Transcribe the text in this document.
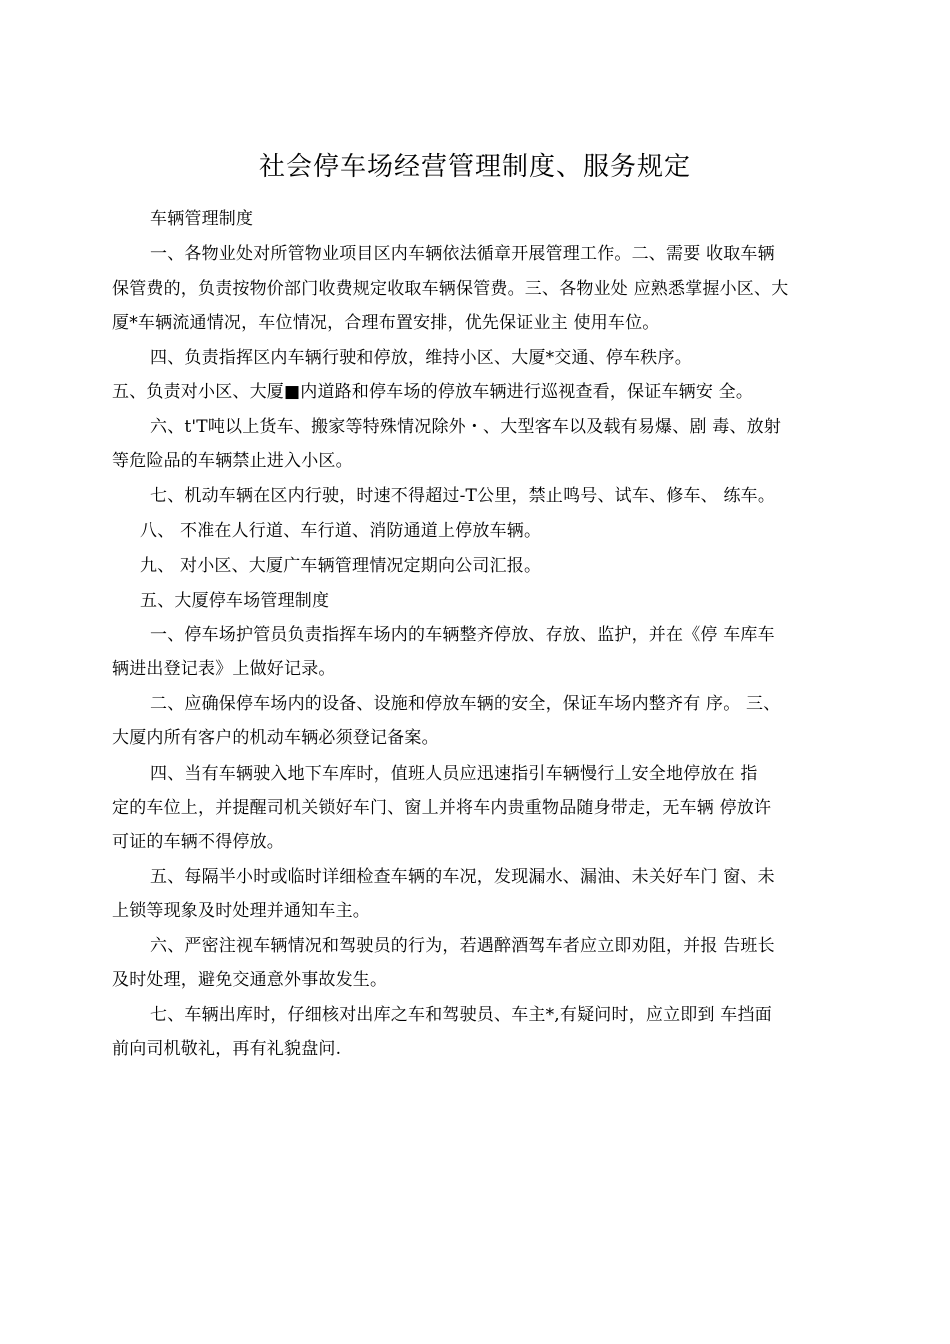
社会停车场经营管理制度、服务规定
车辆管理制度
一、各物业处对所管物业项目区内车辆依法循章开展管理工作。二、需要 收取车辆
保管费的，负责按物价部门收费规定收取车辆保管费。三、各物业处 应熟悉掌握小区、大
厦*车辆流通情况，车位情况，合理布置安排，优先保证业主 使用车位。
四、负责指挥区内车辆行驶和停放，维持小区、大厦*交通、停车秩序。
五、负责对小区、大厦■内道路和停车场的停放车辆进行巡视查看，保证车辆安 全。
六、t'T吨以上货车、搬家等特殊情况除外・、大型客车以及载有易爆、剧 毒、放射
等危险品的车辆禁止进入小区。
七、机动车辆在区内行驶，时速不得超过-T公里，禁止鸣号、试车、修车、 练车。
八、 不准在人行道、车行道、消防通道上停放车辆。
九、 对小区、大厦广车辆管理情况定期向公司汇报。
五、大厦停车场管理制度
一、停车场护管员负责指挥车场内的车辆整齐停放、存放、监护，并在《停 车库车
辆进出登记表》上做好记录。
二、应确保停车场内的设备、设施和停放车辆的安全，保证车场内整齐有 序。 三、
大厦内所有客户的机动车辆必须登记备案。
四、当有车辆驶入地下车库时，值班人员应迅速指引车辆慢行丄安全地停放在 指
定的车位上，并提醒司机关锁好车门、窗丄并将车内贵重物品随身带走，无车辆 停放许
可证的车辆不得停放。
五、每隔半小时或临时详细检查车辆的车况，发现漏水、漏油、未关好车门 窗、未
上锁等现象及时处理并通知车主。
六、严密注视车辆情况和驾驶员的行为，若遇醉酒驾车者应立即劝阻，并报 告班长
及时处理，避免交通意外事故发生。
七、车辆出库时，仔细核对出库之车和驾驶员、车主*,有疑问时，应立即到 车挡面
前向司机敬礼，再有礼貌盘问.
